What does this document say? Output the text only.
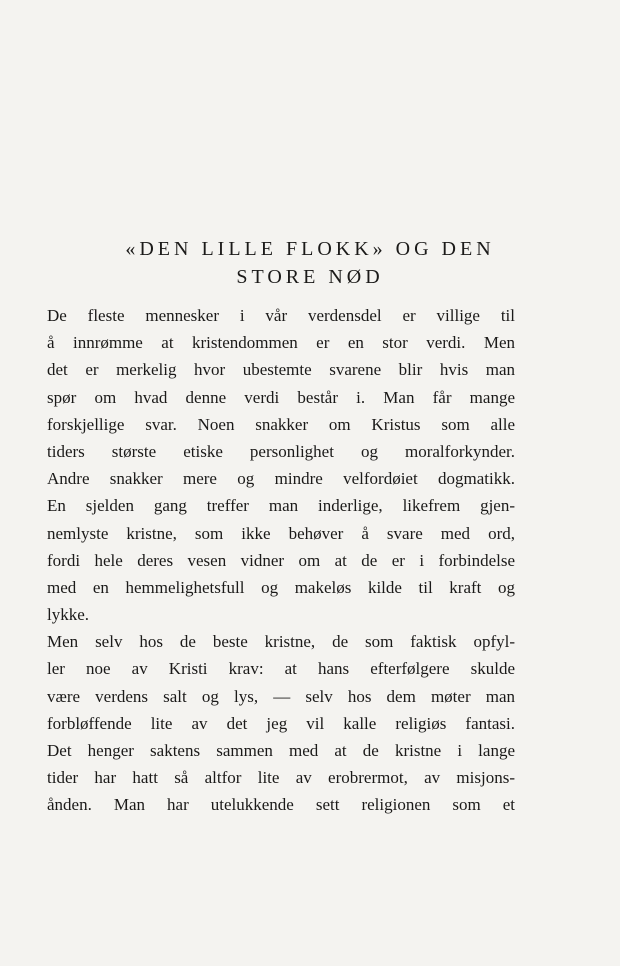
«DEN LILLE FLOKK» OG DEN
STORE NØD
De fleste mennesker i vår verdensdel er villige til
å innrømme at kristendommen er en stor verdi. Men
det er merkelig hvor ubestemte svarene blir hvis man
spør om hvad denne verdi består i. Man får mange
forskjellige svar. Noen snakker om Kristus som alle
tiders største etiske personlighet og moralforkynder.
Andre snakker mere og mindre velfordøiet dogmatikk.
En sjelden gang treffer man inderlige, likefrem gjen-
nemlyste kristne, som ikke behøver å svare med ord,
fordi hele deres vesen vidner om at de er i forbindelse
med en hemmelighetsfull og makeløs kilde til kraft og
lykke.
Men selv hos de beste kristne, de som faktisk opfyl-
ler noe av Kristi krav: at hans efterfølgere skulde
være verdens salt og lys, — selv hos dem møter man
forbløffende lite av det jeg vil kalle religiøs fantasi.
Det henger saktens sammen med at de kristne i lange
tider har hatt så altfor lite av erobrermot, av misjons-
ånden. Man har utelukkende sett religionen som et
